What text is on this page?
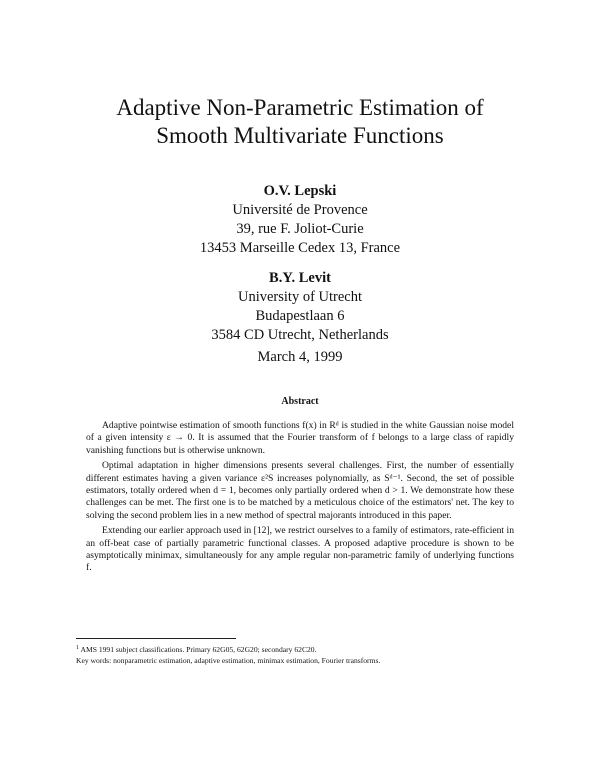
Adaptive Non-Parametric Estimation of
Smooth Multivariate Functions
O.V. Lepski
Université de Provence
39, rue F. Joliot-Curie
13453 Marseille Cedex 13, France
B.Y. Levit
University of Utrecht
Budapestlaan 6
3584 CD Utrecht, Netherlands
March 4, 1999
Abstract

Adaptive pointwise estimation of smooth functions f(x) in Rᵈ is studied in the white Gaussian noise model of a given intensity ε → 0. It is assumed that the Fourier transform of f belongs to a large class of rapidly vanishing functions but is otherwise unknown.

Optimal adaptation in higher dimensions presents several challenges. First, the number of essentially different estimates having a given variance ε²S increases polynomially, as Sᵈ⁻¹. Second, the set of possible estimators, totally ordered when d = 1, becomes only partially ordered when d > 1. We demonstrate how these challenges can be met. The first one is to be matched by a meticulous choice of the estimators' net. The key to solving the second problem lies in a new method of spectral majorants introduced in this paper.

Extending our earlier approach used in [12], we restrict ourselves to a family of estimators, rate-efficient in an off-beat case of partially parametric functional classes. A proposed adaptive procedure is shown to be asymptotically minimax, simultaneously for any ample regular non-parametric family of underlying functions f.

$^1$ AMS 1991 subject classifications. Primary 62G05, 62G20; secondary 62C20.
Key words: nonparametric estimation, adaptive estimation, minimax estimation, Fourier transforms.
